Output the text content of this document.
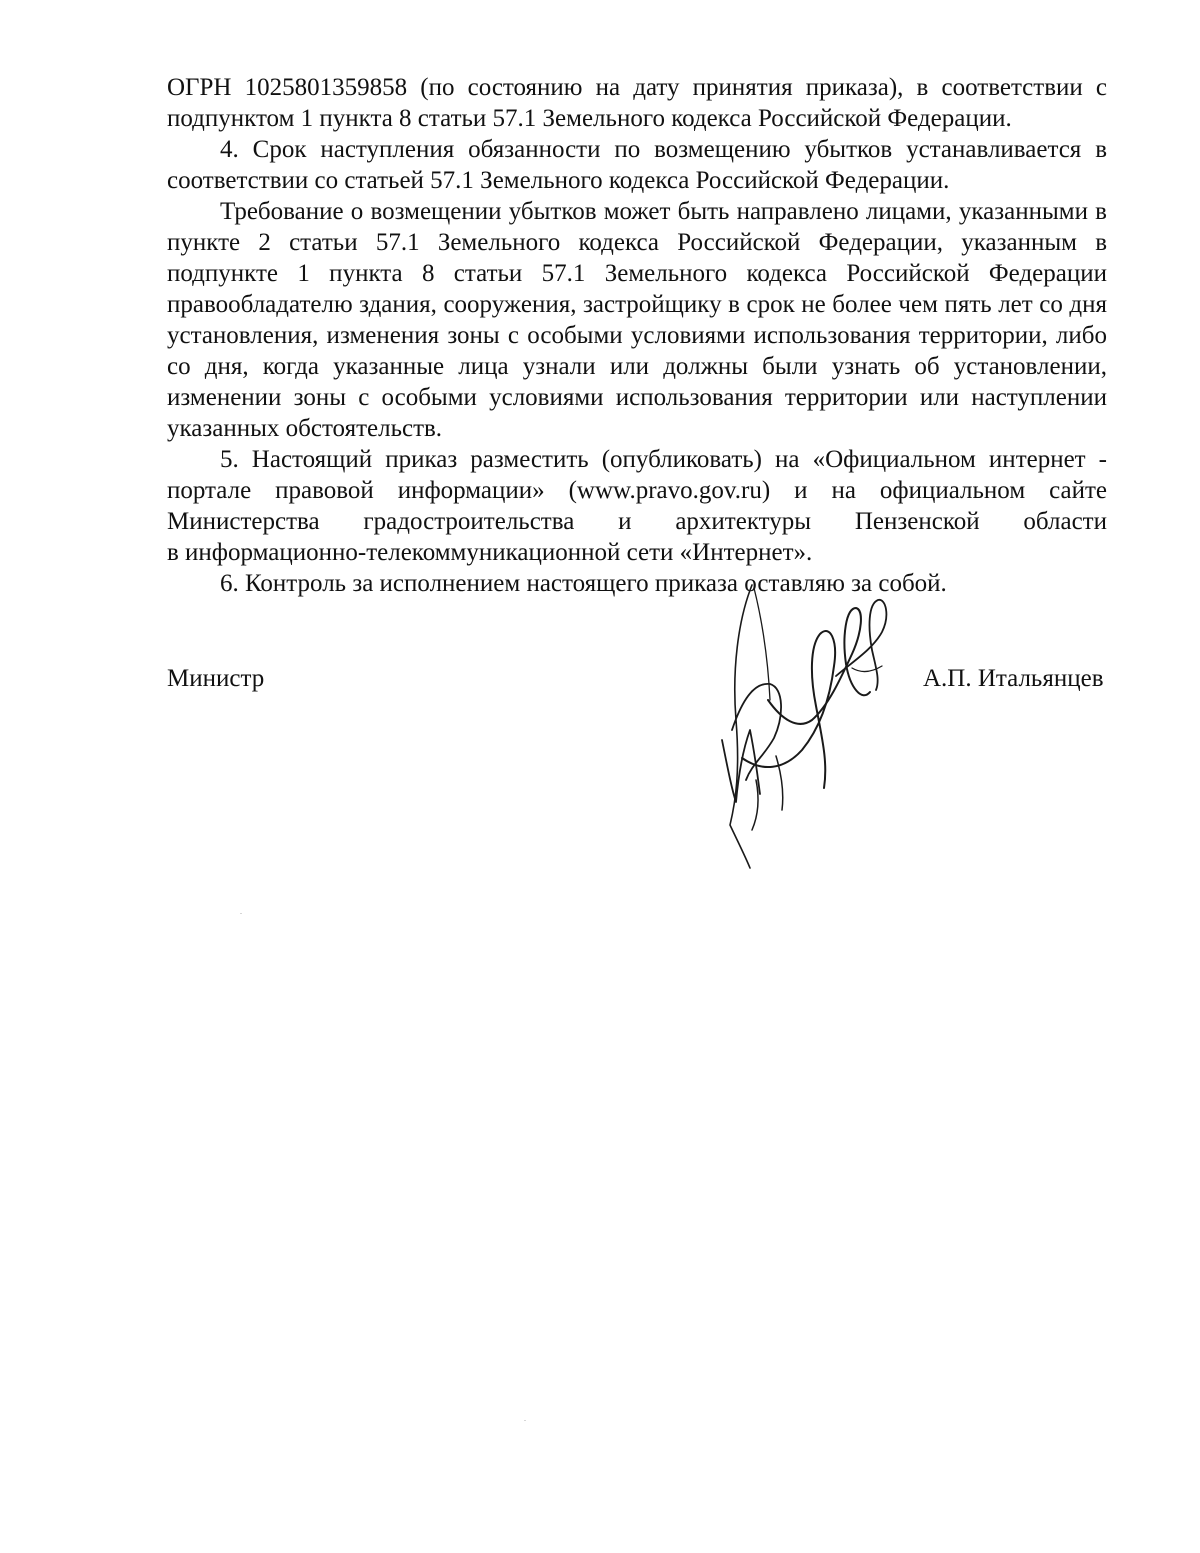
ОГРН 1025801359858 (по состоянию на дату принятия приказа), в соответствии с подпунктом 1 пункта 8 статьи 57.1 Земельного кодекса Российской Федерации.

4. Срок наступления обязанности по возмещению убытков устанавливается в соответствии со статьей 57.1 Земельного кодекса Российской Федерации.

Требование о возмещении убытков может быть направлено лицами, указанными в пункте 2 статьи 57.1 Земельного кодекса Российской Федерации, указанным в подпункте 1 пункта 8 статьи 57.1 Земельного кодекса Российской Федерации правообладателю здания, сооружения, застройщику в срок не более чем пять лет со дня установления, изменения зоны с особыми условиями использования территории, либо со дня, когда указанные лица узнали или должны были узнать об установлении, изменении зоны с особыми условиями использования территории или наступлении указанных обстоятельств.

5. Настоящий приказ разместить (опубликовать) на «Официальном интернет - портале правовой информации» (www.pravo.gov.ru) и на официальном сайте Министерства градостроительства и архитектуры Пензенской области

в информационно-телекоммуникационной сети «Интернет».

6. Контроль за исполнением настоящего приказа оставляю за собой.

Министр	А.П. Итальянцев
